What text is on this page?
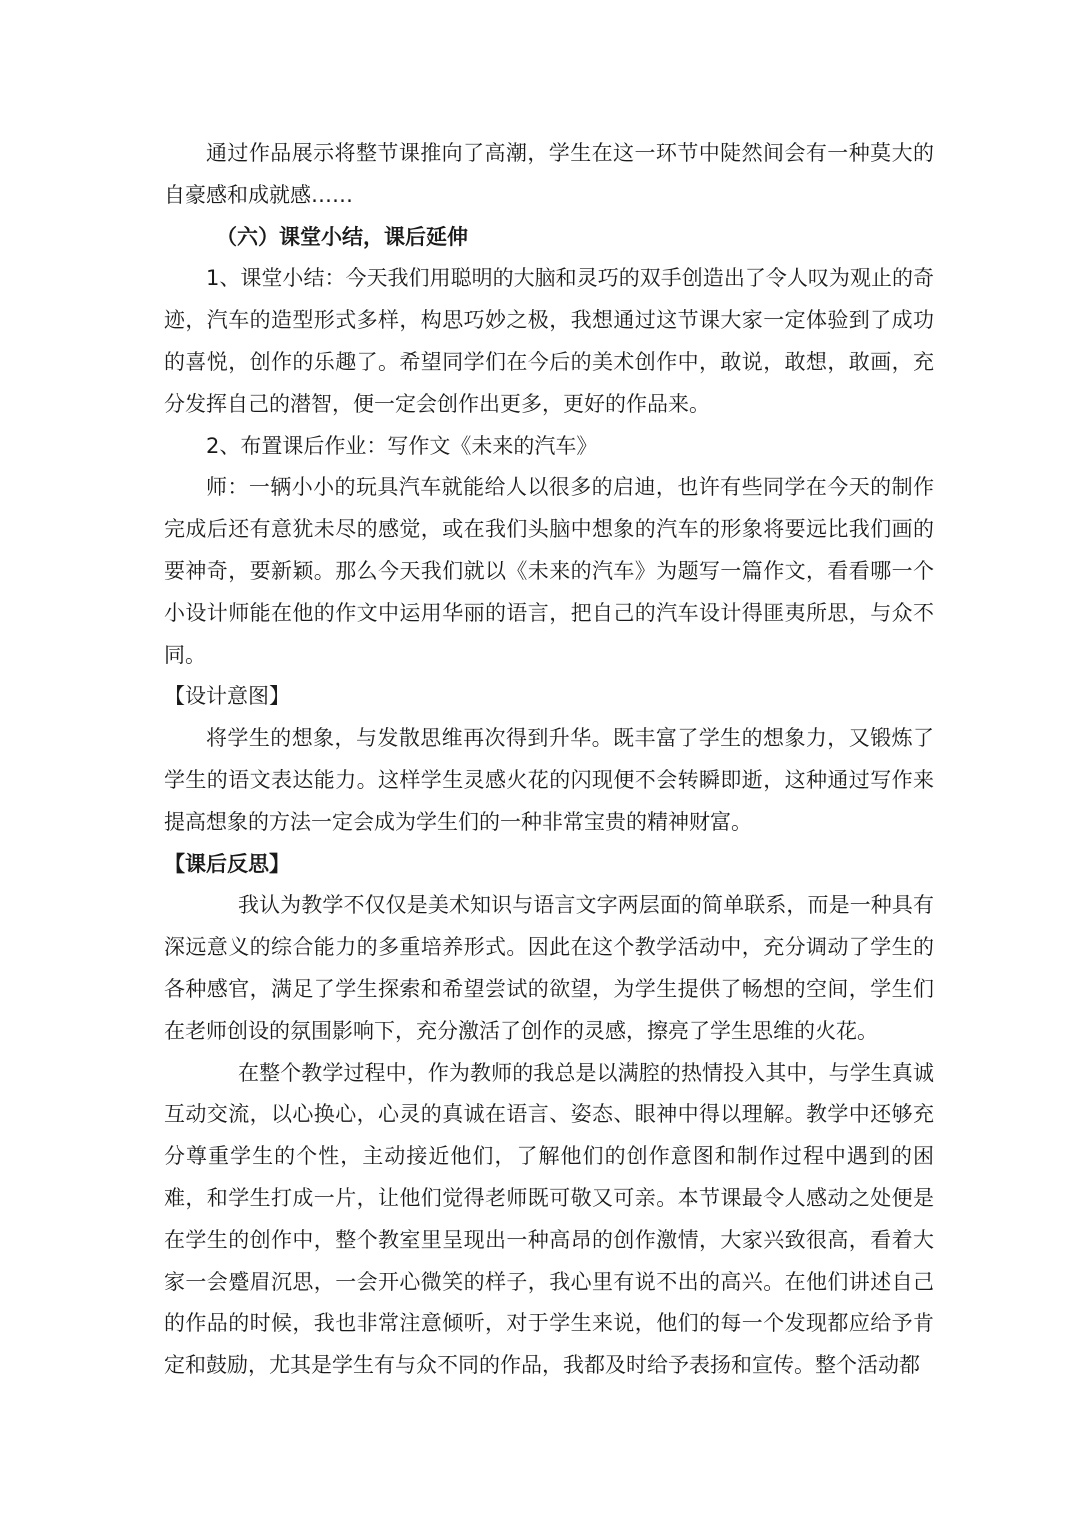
通过作品展示将整节课推向了高潮，学生在这一环节中陡然间会有一种莫大的自豪感和成就感……

（六）课堂小结，课后延伸

1、课堂小结：今天我们用聪明的大脑和灵巧的双手创造出了令人叹为观止的奇迹，汽车的造型形式多样，构思巧妙之极，我想通过这节课大家一定体验到了成功的喜悦，创作的乐趣了。希望同学们在今后的美术创作中，敢说，敢想，敢画，充分发挥自己的潜智，便一定会创作出更多，更好的作品来。

2、布置课后作业：写作文《未来的汽车》

师：一辆小小的玩具汽车就能给人以很多的启迪，也许有些同学在今天的制作完成后还有意犹未尽的感觉，或在我们头脑中想象的汽车的形象将要远比我们画的要神奇，要新颖。那么今天我们就以《未来的汽车》为题写一篇作文，看看哪一个小设计师能在他的作文中运用华丽的语言，把自己的汽车设计得匪夷所思，与众不同。

【设计意图】

将学生的想象，与发散思维再次得到升华。既丰富了学生的想象力，又锻炼了学生的语文表达能力。这样学生灵感火花的闪现便不会转瞬即逝，这种通过写作来提高想象的方法一定会成为学生们的一种非常宝贵的精神财富。

【课后反思】

我认为教学不仅仅是美术知识与语言文字两层面的简单联系，而是一种具有深远意义的综合能力的多重培养形式。因此在这个教学活动中，充分调动了学生的各种感官，满足了学生探索和希望尝试的欲望，为学生提供了畅想的空间，学生们在老师创设的氛围影响下，充分激活了创作的灵感，擦亮了学生思维的火花。

在整个教学过程中，作为教师的我总是以满腔的热情投入其中，与学生真诚互动交流，以心换心，心灵的真诚在语言、姿态、眼神中得以理解。教学中还够充分尊重学生的个性，主动接近他们，了解他们的创作意图和制作过程中遇到的困难，和学生打成一片，让他们觉得老师既可敬又可亲。本节课最令人感动之处便是在学生的创作中，整个教室里呈现出一种高昂的创作激情，大家兴致很高，看着大家一会蹙眉沉思，一会开心微笑的样子，我心里有说不出的高兴。在他们讲述自己的作品的时候，我也非常注意倾听，对于学生来说，他们的每一个发现都应给予肯定和鼓励，尤其是学生有与众不同的作品，我都及时给予表扬和宣传。整个活动都
